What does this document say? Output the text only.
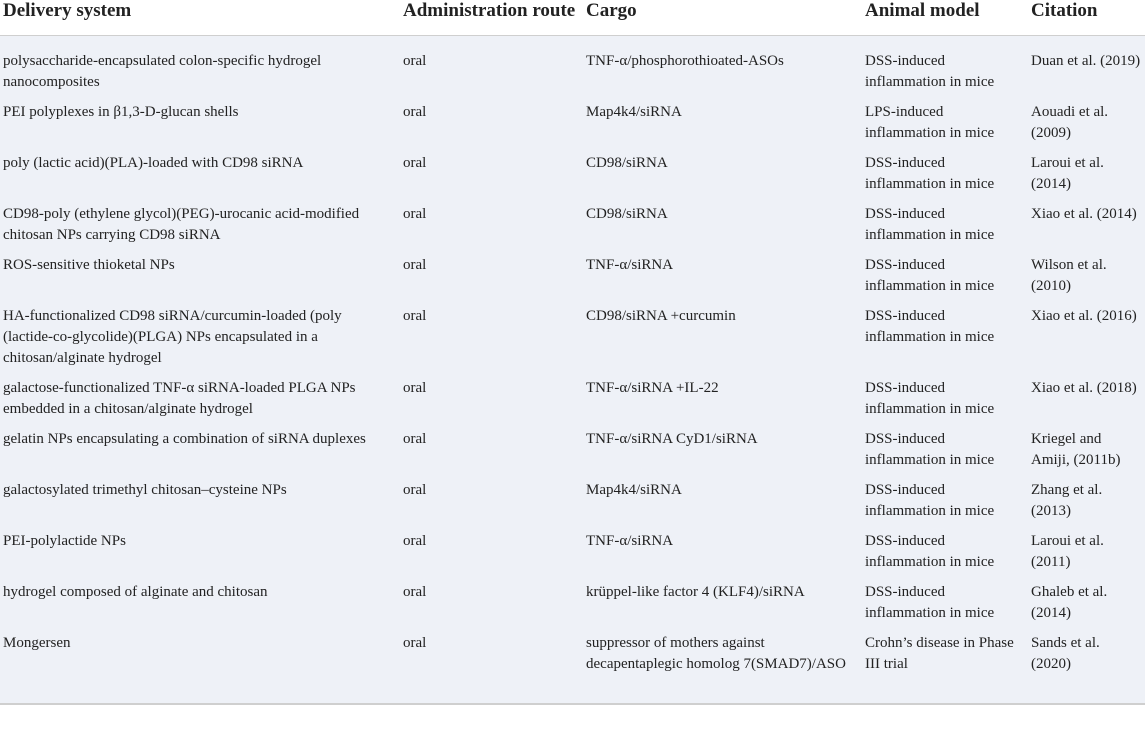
Delivery system	Administration route	Cargo	Animal model	Citation
polysaccharide-encapsulated colon-specific hydrogel nanocomposites	oral	TNF-α/phosphorothioated-ASOs	DSS-induced inflammation in mice	Duan et al. (2019)
PEI polyplexes in β1,3-D-glucan shells	oral	Map4k4/siRNA	LPS-induced inflammation in mice	Aouadi et al. (2009)
poly (lactic acid)(PLA)-loaded with CD98 siRNA	oral	CD98/siRNA	DSS-induced inflammation in mice	Laroui et al. (2014)
CD98-poly (ethylene glycol)(PEG)-urocanic acid-modified chitosan NPs carrying CD98 siRNA	oral	CD98/siRNA	DSS-induced inflammation in mice	Xiao et al. (2014)
ROS-sensitive thioketal NPs	oral	TNF-α/siRNA	DSS-induced inflammation in mice	Wilson et al. (2010)
HA-functionalized CD98 siRNA/curcumin-loaded (poly (lactide-co-glycolide)(PLGA) NPs encapsulated in a chitosan/alginate hydrogel	oral	CD98/siRNA +curcumin	DSS-induced inflammation in mice	Xiao et al. (2016)
galactose-functionalized TNF-α siRNA-loaded PLGA NPs embedded in a chitosan/alginate hydrogel	oral	TNF-α/siRNA +IL-22	DSS-induced inflammation in mice	Xiao et al. (2018)
gelatin NPs encapsulating a combination of siRNA duplexes	oral	TNF-α/siRNA CyD1/siRNA	DSS-induced inflammation in mice	Kriegel and Amiji, (2011b)
galactosylated trimethyl chitosan–cysteine NPs	oral	Map4k4/siRNA	DSS-induced inflammation in mice	Zhang et al. (2013)
PEI-polylactide NPs	oral	TNF-α/siRNA	DSS-induced inflammation in mice	Laroui et al. (2011)
hydrogel composed of alginate and chitosan	oral	krüppel-like factor 4 (KLF4)/siRNA	DSS-induced inflammation in mice	Ghaleb et al. (2014)
Mongersen	oral	suppressor of mothers against decapentaplegic homolog 7(SMAD7)/ASO	Crohn’s disease in Phase III trial	Sands et al. (2020)
